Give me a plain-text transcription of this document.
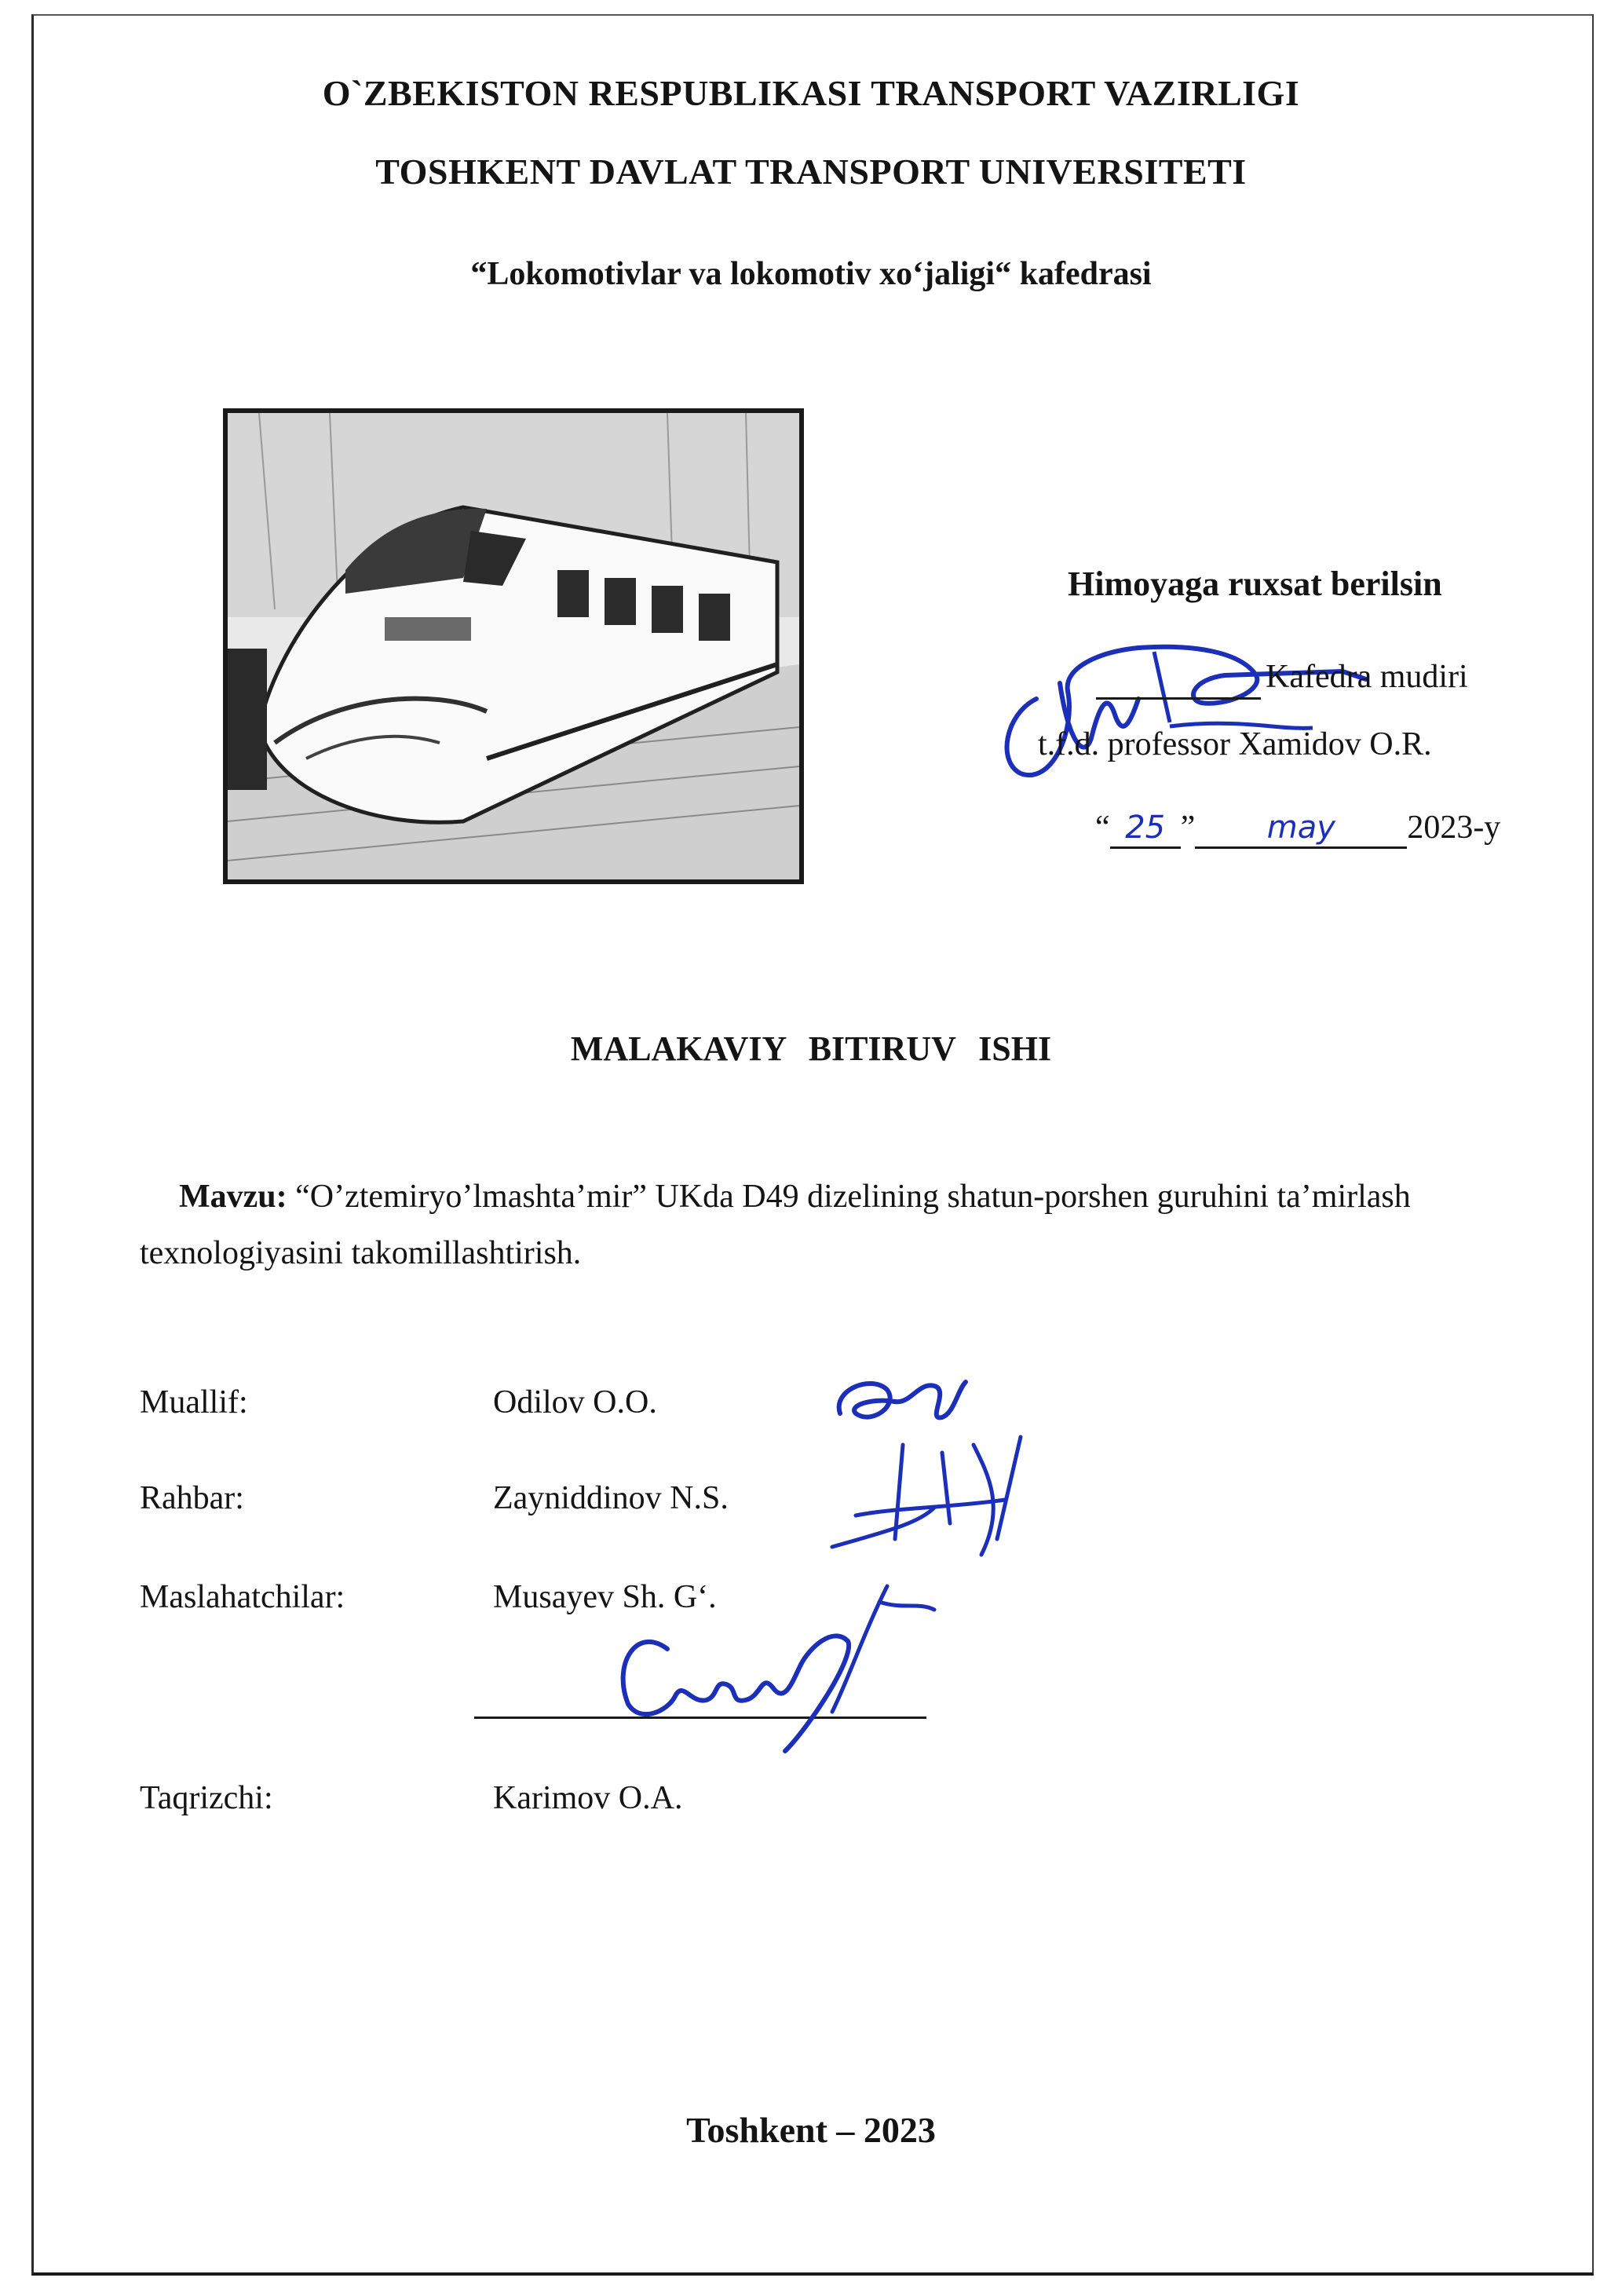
O`ZBEKISTON RESPUBLIKASI TRANSPORT VAZIRLIGI
TOSHKENT DAVLAT TRANSPORT UNIVERSITETI
“Lokomotivlar va lokomotiv xo‘jaligi“ kafedrasi
Himoyaga ruxsat berilsin
Kafedra mudiri
t.f.d. professor Xamidov O.R.
“ 25 ” may 2023-y
MALAKAVIY BITIRUV ISHI
Mavzu: “O’ztemiryo’lmashta’mir” UKda D49 dizelining shatun-porshen guruhini ta’mirlash texnologiyasini takomillashtirish.
Muallif:	Odilov O.O.
Rahbar:	Zayniddinov N.S.
Maslahatchilar:	Musayev Sh. G‘.
Taqrizchi:	Karimov O.A.
Toshkent – 2023
